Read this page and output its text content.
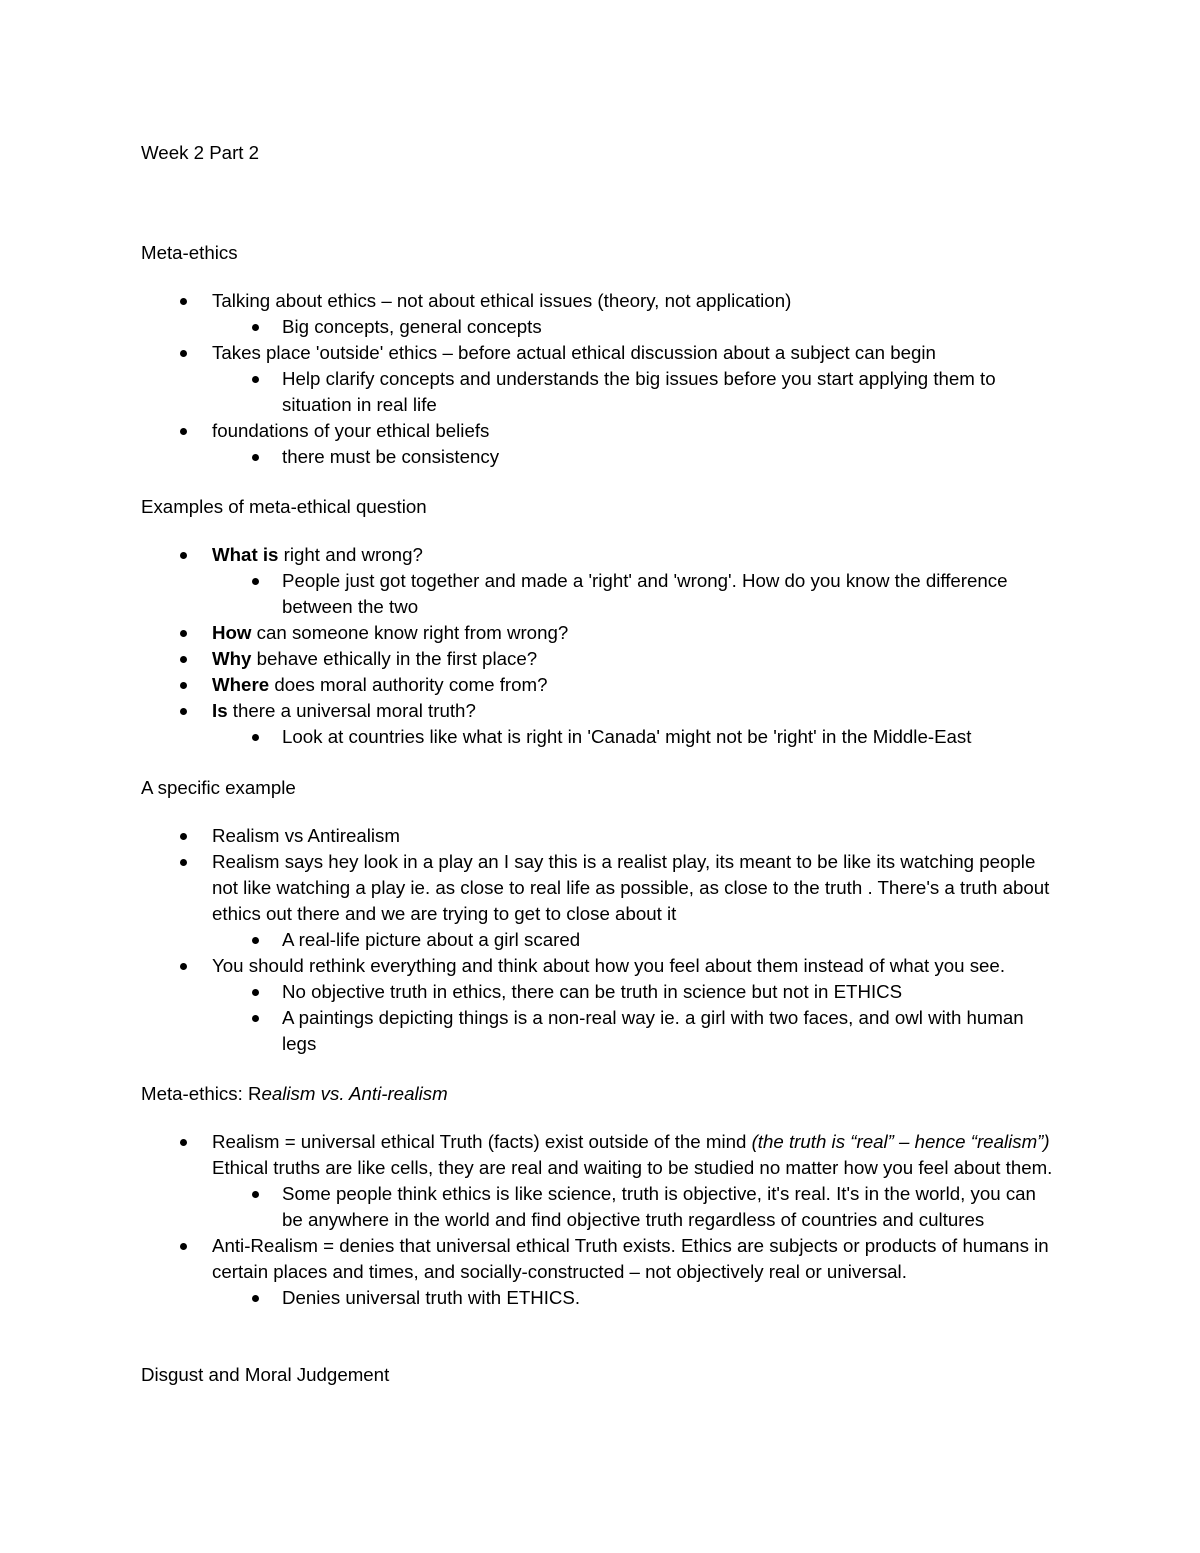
Week 2 Part 2
Meta-ethics
Talking about ethics – not about ethical issues (theory, not application)
Big concepts, general concepts
Takes place 'outside' ethics – before actual ethical discussion about a subject can begin
Help clarify concepts and understands the big issues before you start applying them to situation in real life
foundations of your ethical beliefs
there must be consistency
Examples of meta-ethical question
What is right and wrong?
People just got together and made a 'right' and 'wrong'. How do you know the difference between the two
How can someone know right from wrong?
Why behave ethically in the first place?
Where does moral authority come from?
Is there a universal moral truth?
Look at countries like what is right in 'Canada' might not be 'right' in the Middle-East
A specific example
Realism vs Antirealism
Realism says hey look in a play an I say this is a realist play, its meant to be like its watching people not like watching a play ie. as close to real life as possible, as close to the truth . There's a truth about ethics out there and we are trying to get to close about it
A real-life picture about a girl scared
You should rethink everything and think about how you feel about them instead of what you see.
No objective truth in ethics, there can be truth in science but not in ETHICS
A paintings depicting things is a non-real way ie. a girl with two faces, and owl with human legs
Meta-ethics: Realism vs. Anti-realism
Realism = universal ethical Truth (facts) exist outside of the mind (the truth is “real” – hence “realism”) Ethical truths are like cells, they are real and waiting to be studied no matter how you feel about them.
Some people think ethics is like science, truth is objective, it's real. It's in the world, you can be anywhere in the world and find objective truth regardless of countries and cultures
Anti-Realism = denies that universal ethical Truth exists. Ethics are subjects or products of humans in certain places and times, and socially-constructed – not objectively real or universal.
Denies universal truth with ETHICS.
Disgust and Moral Judgement
